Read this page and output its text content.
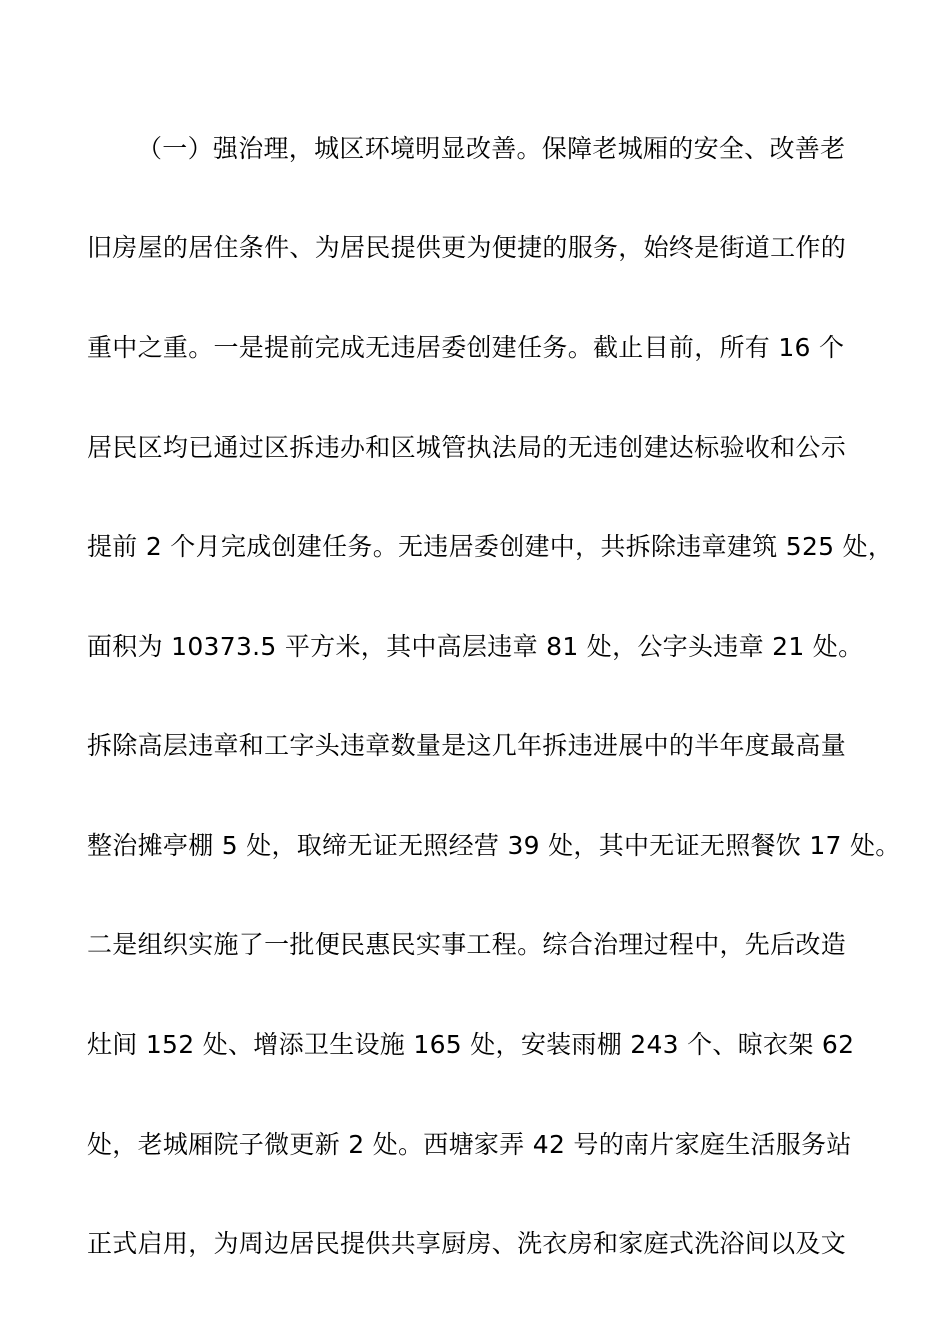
（一）强治理，城区环境明显改善。保障老城厢的安全、改善老
旧房屋的居住条件、为居民提供更为便捷的服务，始终是街道工作的
重中之重。一是提前完成无违居委创建任务。截止目前，所有 16 个
居民区均已通过区拆违办和区城管执法局的无违创建达标验收和公示
提前 2 个月完成创建任务。无违居委创建中，共拆除违章建筑 525 处，
面积为 10373.5 平方米，其中高层违章 81 处，公字头违章 21 处。
拆除高层违章和工字头违章数量是这几年拆违进展中的半年度最高量
整治摊亭棚 5 处，取缔无证无照经营 39 处，其中无证无照餐饮 17 处。
二是组织实施了一批便民惠民实事工程。综合治理过程中，先后改造
灶间 152 处、增添卫生设施 165 处，安装雨棚 243 个、晾衣架 62
处，老城厢院子微更新 2 处。西塘家弄 42 号的南片家庭生活服务站
正式启用，为周边居民提供共享厨房、洗衣房和家庭式洗浴间以及文
